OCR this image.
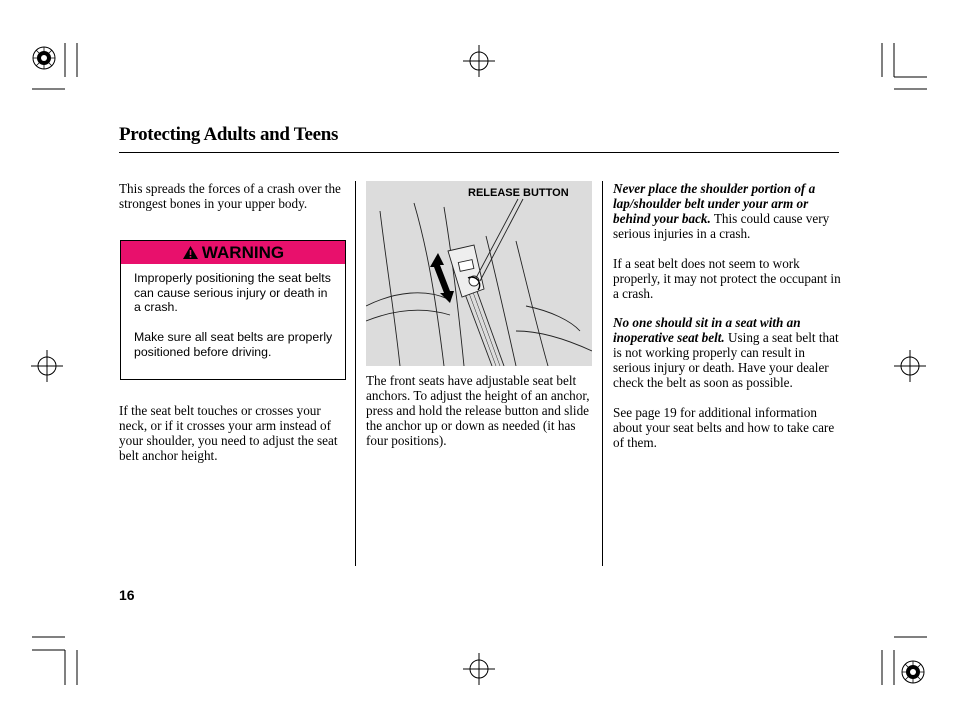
Protecting Adults and Teens

This spreads the forces of a crash over the strongest bones in your upper body.

WARNING
Improperly positioning the seat belts can cause serious injury or death in a crash.
Make sure all seat belts are properly positioned before driving.

If the seat belt touches or crosses your neck, or if it crosses your arm instead of your shoulder, you need to adjust the seat belt anchor height.

RELEASE BUTTON

The front seats have adjustable seat belt anchors. To adjust the height of an anchor, press and hold the release button and slide the anchor up or down as needed (it has four positions).

Never place the shoulder portion of a lap/shoulder belt under your arm or behind your back. This could cause very serious injuries in a crash.

If a seat belt does not seem to work properly, it may not protect the occupant in a crash.

No one should sit in a seat with an inoperative seat belt. Using a seat belt that is not working properly can result in serious injury or death. Have your dealer check the belt as soon as possible.

See page 19 for additional information about your seat belts and how to take care of them.

16
